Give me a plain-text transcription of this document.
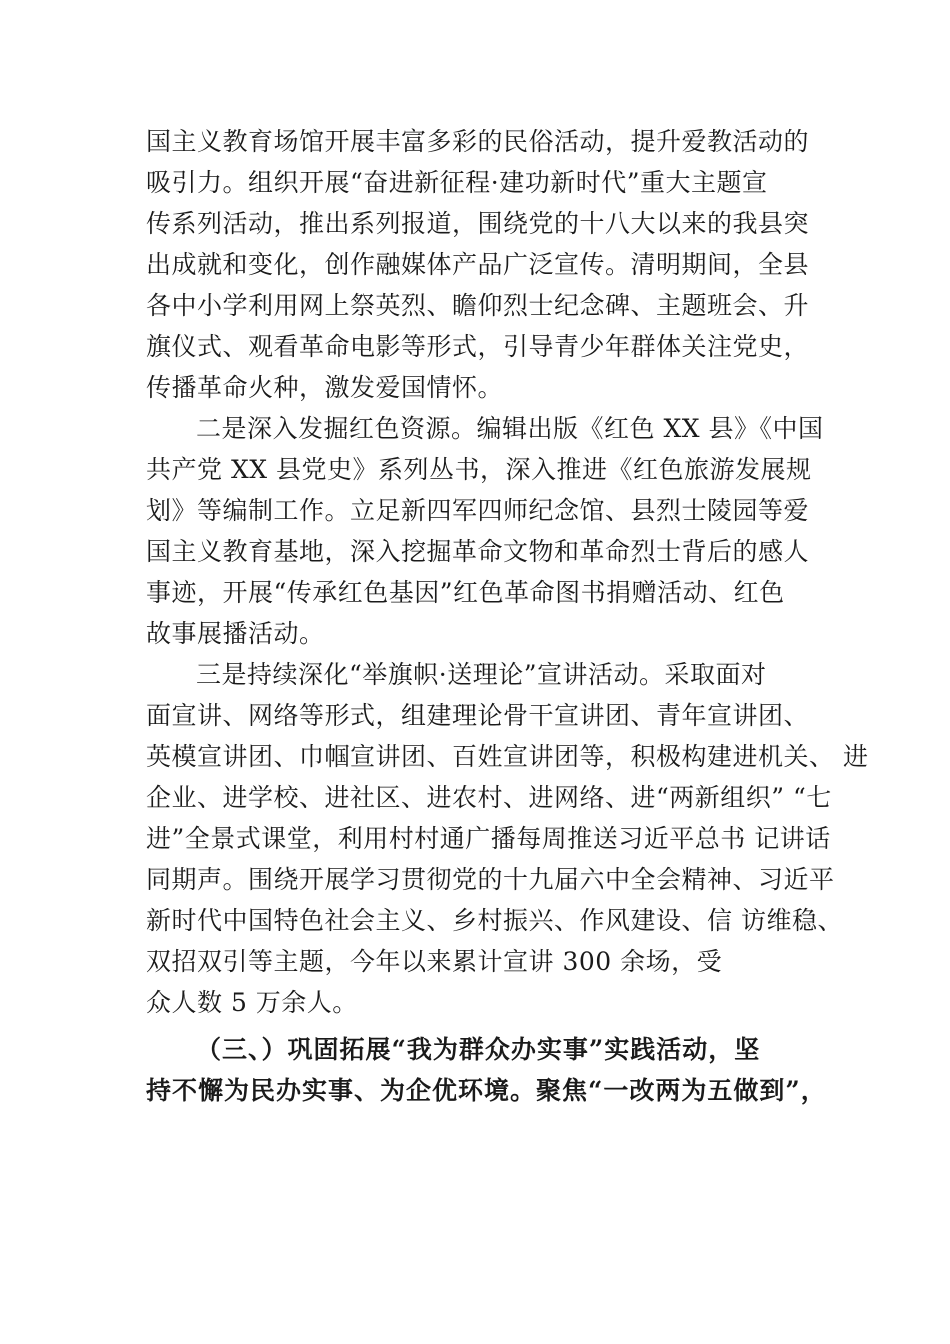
国主义教育场馆开展丰富多彩的民俗活动，提升爱教活动的
吸引力。组织开展“奋进新征程·建功新时代”重大主题宣
传系列活动，推出系列报道，围绕党的十八大以来的我县突
出成就和变化，创作融媒体产品广泛宣传。清明期间，全县
各中小学利用网上祭英烈、瞻仰烈士纪念碑、主题班会、升
旗仪式、观看革命电影等形式，引导青少年群体关注党史，
传播革命火种，激发爱国情怀。
二是深入发掘红色资源。编辑出版《红色 XX 县》《中国
共产党 XX 县党史》系列丛书，深入推进《红色旅游发展规
划》等编制工作。立足新四军四师纪念馆、县烈士陵园等爱
国主义教育基地，深入挖掘革命文物和革命烈士背后的感人
事迹，开展“传承红色基因”红色革命图书捐赠活动、红色
故事展播活动。
三是持续深化“举旗帜·送理论”宣讲活动。采取面对
面宣讲、网络等形式，组建理论骨干宣讲团、青年宣讲团、
英模宣讲团、巾帼宣讲团、百姓宣讲团等，积极构建进机关、 进
企业、进学校、进社区、进农村、进网络、进“两新组织” “七
进”全景式课堂，利用村村通广播每周推送习近平总书 记讲话
同期声。围绕开展学习贯彻党的十九届六中全会精神、习近平
新时代中国特色社会主义、乡村振兴、作风建设、信 访维稳、
双招双引等主题，今年以来累计宣讲 300 余场，受
众人数 5 万余人。
（三、）巩固拓展“我为群众办实事”实践活动，坚
持不懈为民办实事、为企优环境。聚焦“一改两为五做到”，
